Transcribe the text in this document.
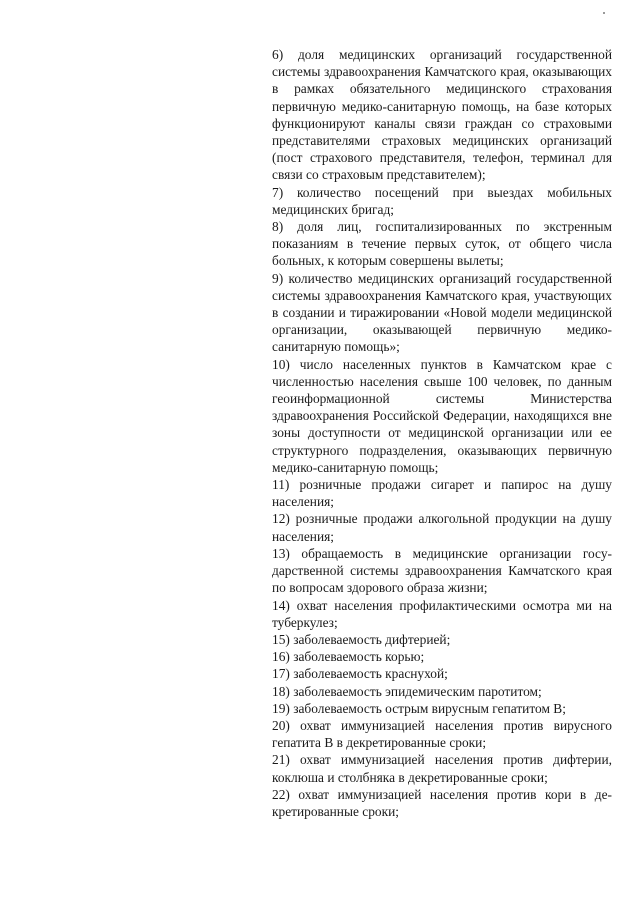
6) доля медицинских организаций государственной системы здравоохранения Камчатского края, оказывающих в рамках обязательного медицинского страхования первичную медико-санитарную помощь, на базе которых функционируют каналы связи граждан со страховыми представителями страховых медицинских организаций (пост страхового представителя, телефон, терминал для связи со страховым представителем);

7) количество посещений при выездах мобильных медицинских бригад;

8) доля лиц, госпитализированных по экстренным показаниям в течение первых суток, от общего числа больных, к которым совершены вылеты;

9) количество медицинских организаций государственной системы здравоохранения Камчатского края, участвующих в создании и тиражировании «Новой модели медицинской организации, оказывающей первичную медико-санитарную помощь»;

10) число населенных пунктов в Камчатском крае с численностью населения свыше 100 человек, по данным геоинформационной системы Министерства здравоохранения Российской Федерации, находящихся вне зоны доступности от медицинской организации или ее структурного подразделения, оказывающих первичную медико-санитарную помощь;

11) розничные продажи сигарет и папирос на душу населения;

12) розничные продажи алкогольной продукции на душу населения;

13) обращаемость в медицинские организации государственной системы здравоохранения Камчатского края по вопросам здорового образа жизни;

14) охват населения профилактическими осмотра ми на туберкулез;

15) заболеваемость дифтерией;

16) заболеваемость корью;

17) заболеваемость краснухой;

18) заболеваемость эпидемическим паротитом;

19) заболеваемость острым вирусным гепатитом В;

20) охват иммунизацией населения против вирусного гепатита В в декретированные сроки;

21) охват иммунизацией населения против дифтерии, коклюша и столбняка в декретированные сроки;

22) охват иммунизацией населения против кори в декретированные сроки;
